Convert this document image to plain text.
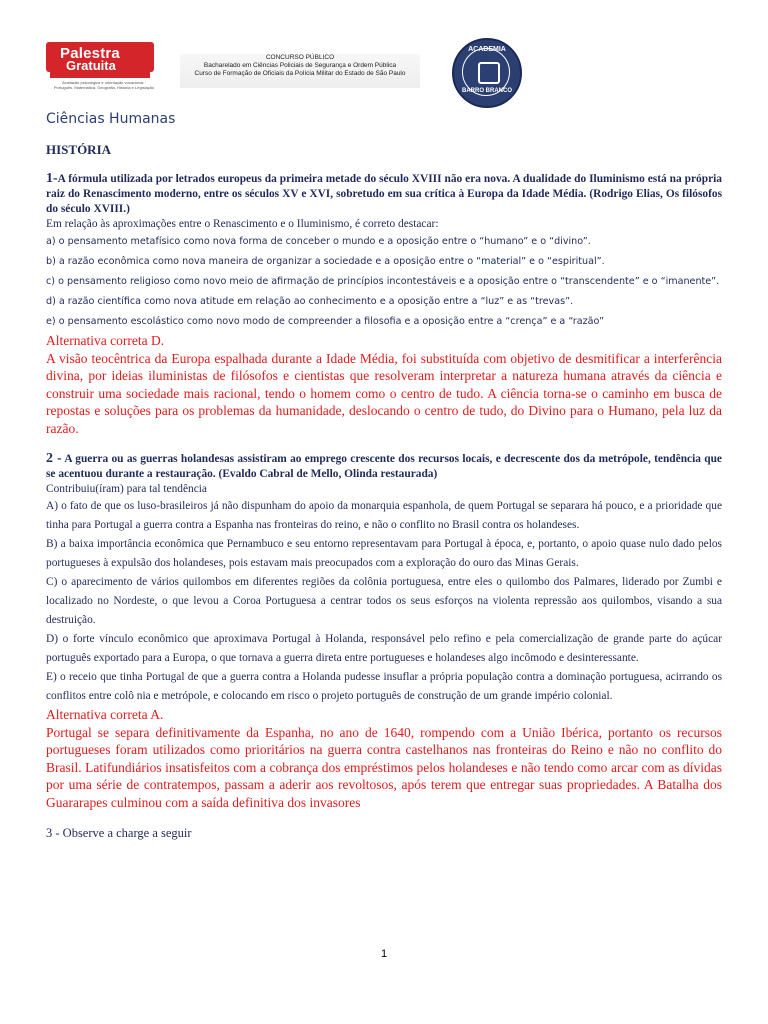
Palestra
Gratuita
Avaliação psicológica e orientação vocacional · Português, Matemática, Geografia, História e Legislação
CONCURSO PÚBLICO
Bacharelado em Ciências Policiais de Segurança e Ordem Pública
Curso de Formação de Oficiais da Polícia Militar do Estado de São Paulo
ACADEMIA
BARRO BRANCO
Ciências Humanas

HISTÓRIA

1-A fórmula utilizada por letrados europeus da primeira metade do século XVIII não era nova. A dualidade do Iluminismo está na própria raiz do Renascimento moderno, entre os séculos XV e XVI, sobretudo em sua crítica à Europa da Idade Média. (Rodrigo Elias, Os filósofos do século XVIII.)

Em relação às aproximações entre o Renascimento e o Iluminismo, é correto destacar:

a) o pensamento metafísico como nova forma de conceber o mundo e a oposição entre o “humano” e o “divino”.

b) a razão econômica como nova maneira de organizar a sociedade e a oposição entre o “material” e o “espiritual”.

c) o pensamento religioso como novo meio de afirmação de princípios incontestáveis e a oposição entre o “transcendente” e o “imanente”.

d) a razão científica como nova atitude em relação ao conhecimento e a oposição entre a “luz” e as “trevas”.

e) o pensamento escolástico como novo modo de compreender a filosofia e a oposição entre a “crença” e a “razão”

Alternativa correta D.

A visão teocêntrica da Europa espalhada durante a Idade Média, foi substituída com objetivo de desmitificar a interferência divina, por ideias iluministas de filósofos e cientistas que resolveram interpretar a natureza humana através da ciência e construir uma sociedade mais racional, tendo o homem como o centro de tudo. A ciência torna-se o caminho em busca de repostas e soluções para os problemas da humanidade, deslocando o centro de tudo, do Divino para o Humano, pela luz da razão.

2 - A guerra ou as guerras holandesas assistiram ao emprego crescente dos recursos locais, e decrescente dos da metrópole, tendência que se acentuou durante a restauração. (Evaldo Cabral de Mello, Olinda restaurada)

Contribuiu(íram) para tal tendência

A) o fato de que os luso-brasileiros já não dispunham do apoio da monarquia espanhola, de quem Portugal se separara há pouco, e a prioridade que tinha para Portugal a guerra contra a Espanha nas fronteiras do reino, e não o conflito no Brasil contra os holandeses.

B) a baixa importância econômica que Pernambuco e seu entorno representavam para Portugal à época, e, portanto, o apoio quase nulo dado pelos portugueses à expulsão dos holandeses, pois estavam mais preocupados com a exploração do ouro das Minas Gerais.

C) o aparecimento de vários quilombos em diferentes regiões da colônia portuguesa, entre eles o quilombo dos Palmares, liderado por Zumbi e localizado no Nordeste, o que levou a Coroa Portuguesa a centrar todos os seus esforços na violenta repressão aos quilombos, visando a sua destruição.

D) o forte vínculo econômico que aproximava Portugal à Holanda, responsável pelo refino e pela comercialização de grande parte do açúcar português exportado para a Europa, o que tornava a guerra direta entre portugueses e holandeses algo incômodo e desinteressante.

E) o receio que tinha Portugal de que a guerra contra a Holanda pudesse insuflar a própria população contra a dominação portuguesa, acirrando os conflitos entre colô nia e metrópole, e colocando em risco o projeto português de construção de um grande império colonial.

Alternativa correta A.

Portugal se separa definitivamente da Espanha, no ano de 1640, rompendo com a União Ibérica, portanto os recursos portugueses foram utilizados como prioritários na guerra contra castelhanos nas fronteiras do Reino e não no conflito do Brasil. Latifundiários insatisfeitos com a cobrança dos empréstimos pelos holandeses e não tendo como arcar com as dívidas por uma série de contratempos, passam a aderir aos revoltosos, após terem que entregar suas propriedades. A Batalha dos Guararapes culminou com a saída definitiva dos invasores

3 - Observe a charge a seguir

1
